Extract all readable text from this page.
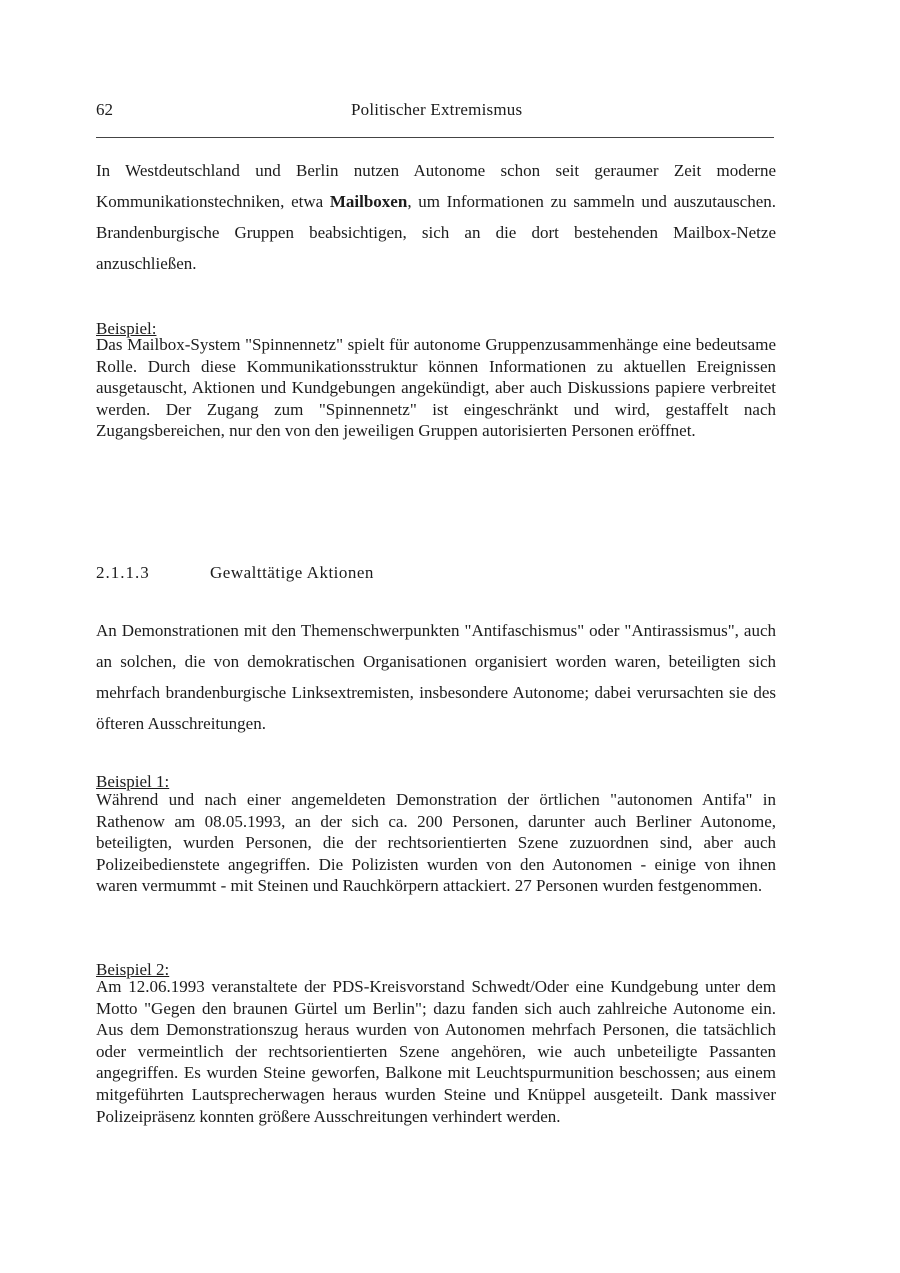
62	Politischer Extremismus

In Westdeutschland und Berlin nutzen Autonome schon seit geraumer Zeit moderne Kommunikationstechniken, etwa Mailboxen, um Informationen zu sammeln und auszutauschen. Brandenburgische Gruppen beabsichtigen, sich an die dort bestehenden Mailbox-Netze anzuschließen.

Beispiel:

Das Mailbox-System "Spinnennetz" spielt für autonome Gruppenzusammenhänge eine bedeutsame Rolle. Durch diese Kommunikationsstruktur können Informationen zu aktuellen Ereignissen ausgetauscht, Aktionen und Kundgebungen angekündigt, aber auch Diskussions papiere verbreitet werden. Der Zugang zum "Spinnennetz" ist eingeschränkt und wird, gestaffelt nach Zugangsbereichen, nur den von den jeweiligen Gruppen autorisierten Personen eröffnet.

2.1.1.3	Gewalttätige Aktionen

An Demonstrationen mit den Themenschwerpunkten "Antifaschismus" oder "Antirassismus", auch an solchen, die von demokratischen Organisationen organisiert worden waren, beteiligten sich mehrfach brandenburgische Linksextremisten, insbesondere Autonome; dabei verursachten sie des öfteren Ausschreitungen.

Beispiel 1:

Während und nach einer angemeldeten Demonstration der örtlichen "autonomen Antifa" in Rathenow am 08.05.1993, an der sich ca. 200 Personen, darunter auch Berliner Autonome, beteiligten, wurden Personen, die der rechtsorientierten Szene zuzuordnen sind, aber auch Polizeibedienstete angegriffen. Die Polizisten wurden von den Autonomen - einige von ihnen waren vermummt - mit Steinen und Rauchkörpern attackiert. 27 Personen wurden festgenommen.

Beispiel 2:

Am 12.06.1993 veranstaltete der PDS-Kreisvorstand Schwedt/Oder eine Kundgebung unter dem Motto "Gegen den braunen Gürtel um Berlin"; dazu fanden sich auch zahlreiche Autonome ein. Aus dem Demonstrationszug heraus wurden von Autonomen mehrfach Personen, die tatsächlich oder vermeintlich der rechtsorientierten Szene angehören, wie auch unbeteiligte Passanten angegriffen. Es wurden Steine geworfen, Balkone mit Leuchtspurmunition beschossen; aus einem mitgeführten Lautsprecherwagen heraus wurden Steine und Knüppel ausgeteilt. Dank massiver Polizeipräsenz konnten größere Ausschreitungen verhindert werden.
